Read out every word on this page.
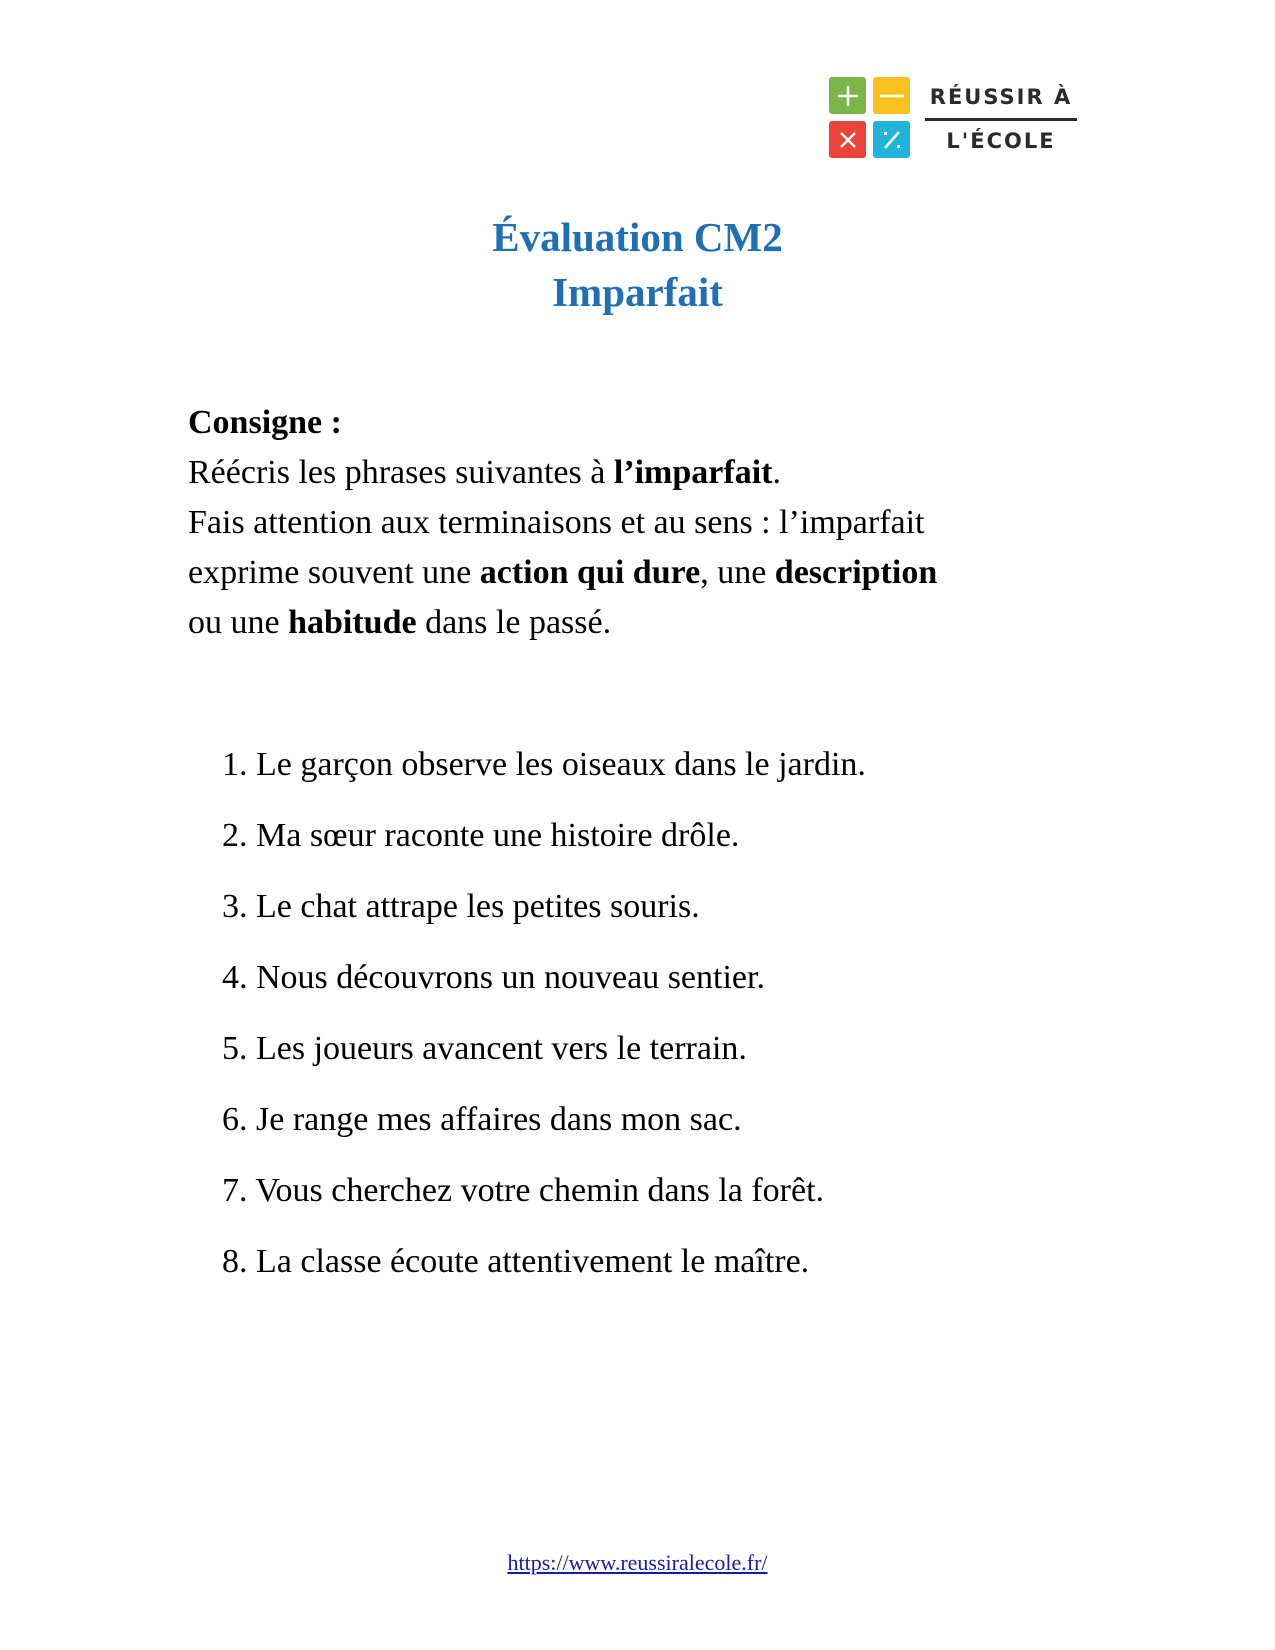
RÉUSSIR À
L'ÉCOLE
Évaluation CM2
Imparfait
Consigne :
Réécris les phrases suivantes à l’imparfait.
Fais attention aux terminaisons et au sens : l’imparfait
exprime souvent une action qui dure, une description
ou une habitude dans le passé.
1. Le garçon observe les oiseaux dans le jardin.
2. Ma sœur raconte une histoire drôle.
3. Le chat attrape les petites souris.
4. Nous découvrons un nouveau sentier.
5. Les joueurs avancent vers le terrain.
6. Je range mes affaires dans mon sac.
7. Vous cherchez votre chemin dans la forêt.
8. La classe écoute attentivement le maître.
https://www.reussiralecole.fr/
